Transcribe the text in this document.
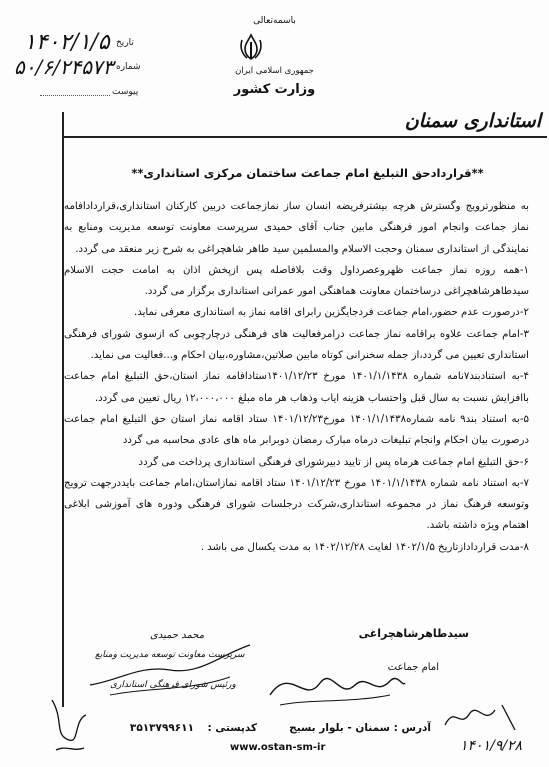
تاریخ
۱۴۰۲/۱/۵
شماره
۵۰/۶/۲۴۵۷۳
پیوست
باسمه‌تعالی
جمهوری اسلامی ایران
وزارت کشور
استانداری سمنان
**قراردادحق التبلیغ امام جماعت ساختمان مرکزی استانداری**

به منظورترویج وگسترش هرچه بیشترفریضه انسان ساز نمازجماعت دربین کارکنان استانداری،قراردادافامه نماز جماعت وانجام امور فرهنگی مابین جناب آقای حمیدی سرپرست معاونت توسعه مدیریت ومنابع به نمایندگی از استانداری سمنان وحجت الاسلام والمسلمین سید طاهر شاهچراغی به شرح زیر منعقد می گردد.

۱-همه روزه نماز جماعت ظهروعصرداول وقت بلافاصله پس ازپخش اذان به امامت حجت الاسلام سیدطاهرشاهچراغی درساختمان معاونت هماهنگی امور عمرانی استانداری برگزار می گردد.

۲-درصورت عدم حضور،امام جماعت فردجایگزین رابرای اقامه نماز به استانداری معرفی نماید.

۳-امام جماعت علاوه براقامه نماز جماعت درامرفعالیت های فرهنگی درچارچوبی که ازسوی شورای فرهنگی استانداری تعیین می گردد،از جمله سخنرانی کوتاه مابین صلاتین،مشاوره،بیان احکام و...فعالیت می نماید.

۴-به استنادبند۷نامه شماره ۱۴۰۱/۱/۱۴۳۸ مورخ ۱۴۰۱/۱۲/۲۳ستادافامه نماز استان،حق التبلیغ امام جماعت باافزایش نسبت به سال قبل واحتساب هزینه ایاب وذهاب هر ماه مبلغ ۱۲،۰۰۰،۰۰۰ ریال تعیین می گردد.

۵-به استناد بند۹ نامه شماره۱۴۰۱/۱/۱۴۳۸ مورخ۱۴۰۱/۱۲/۲۳ ستاد اقامه نماز استان حق التبلیغ امام جماعت درصورت بیان احکام وانجام تبلیغات درماه مبارک رمضان دوبرابر ماه های عادی محاسبه می گردد

۶-حق التبلیغ امام جماعت هرماه پس از تایید دبیرشورای فرهنگی استانداری پرداخت می گردد

۷-به استناد نامه شماره ۱۴۰۱/۱/۱۴۳۸ مورخ ۱۴۰۱/۱۲/۲۳ ستاد اقامه نمازاستان،امام جماعت بایددرجهت ترویج وتوسعه فرهنگ نماز در مجموعه استانداری،شرکت درجلسات شورای فرهنگی ودوره های آموزشی ابلاغی اهتمام ویژه داشته باشد.

۸-مدت قراردادازتاریخ ۱۴۰۲/۱/۵ لغایت ۱۴۰۲/۱۲/۲۸ به مدت یکسال می باشد .

سیدطاهرشاهچراغی
امام جماعت
محمد حمیدی
سرپرست معاونت توسعه مدیریت ومنابع
ورئیس شورای فرهنگی استانداری
۱۴۰۱/۹/۲۸
آدرس : سمنان - بلوار بسیج
کدپستی :
۳۵۱۳۷۹۹۶۱۱
www.ostan-sm-ir
